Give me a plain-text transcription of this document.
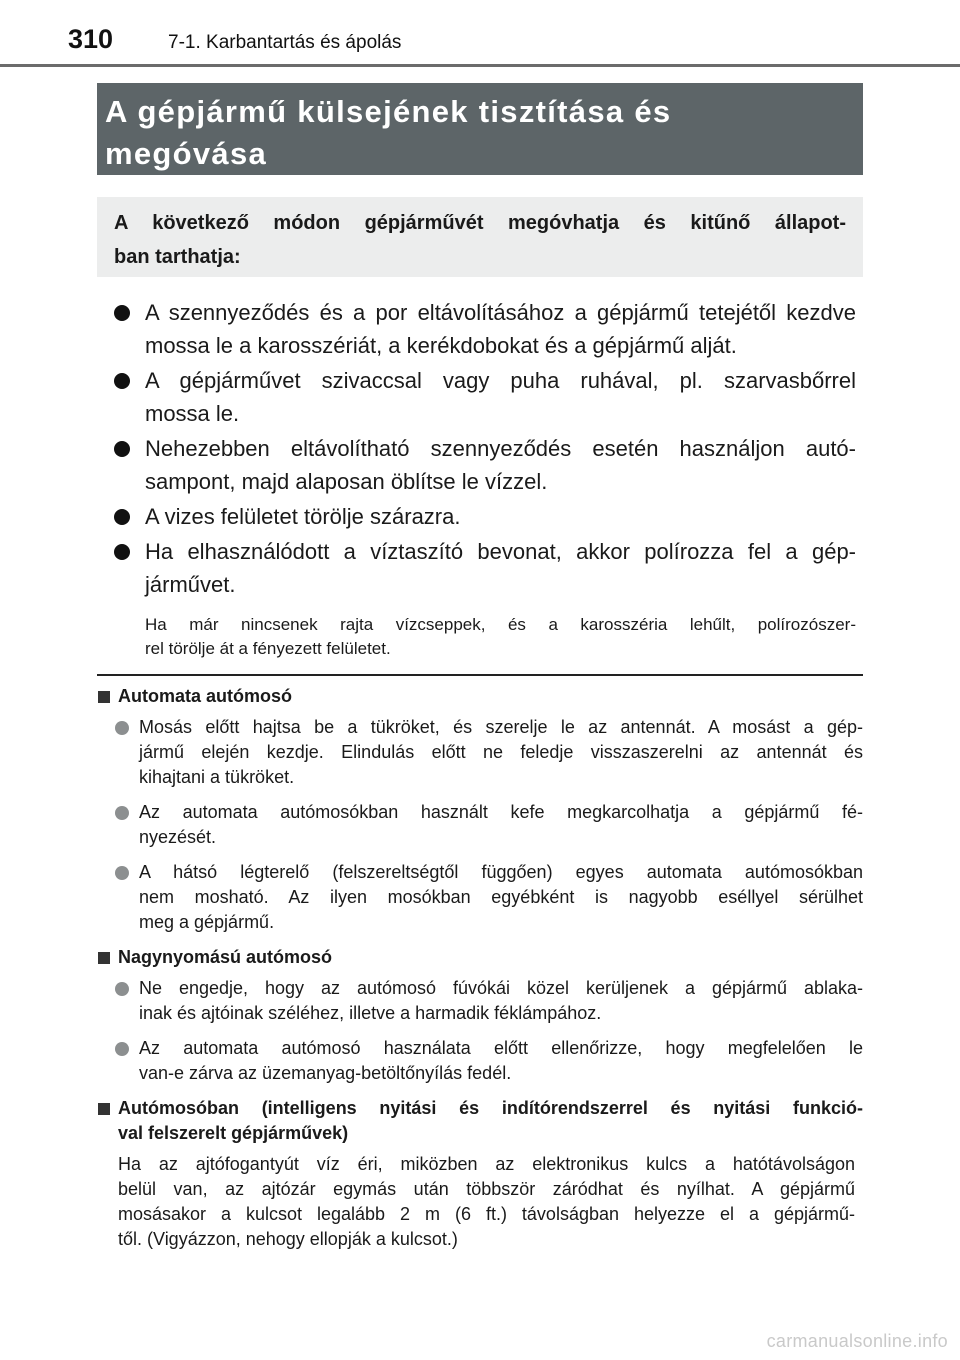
310	7-1. Karbantartás és ápolás
A gépjármű külsejének tisztítása és
megóvása
A következő módon gépjárművét megóvhatja és kitűnő állapot-
ban tarthatja:
A szennyeződés és a por eltávolításához a gépjármű tetejétől kezdve
mossa le a karosszériát, a kerékdobokat és a gépjármű alját.
A gépjárművet szivaccsal vagy puha ruhával, pl. szarvasbőrrel
mossa le.
Nehezebben eltávolítható szennyeződés esetén használjon autó-
sampont, majd alaposan öblítse le vízzel.
A vizes felületet törölje szárazra.
Ha elhasználódott a víztaszító bevonat, akkor polírozza fel a gép-
járművet.
Ha már nincsenek rajta vízcseppek, és a karosszéria lehűlt, polírozószer-
rel törölje át a fényezett felületet.
Automata autómosó
Mosás előtt hajtsa be a tükröket, és szerelje le az antennát. A mosást a gép-
jármű elején kezdje. Elindulás előtt ne feledje visszaszerelni az antennát és
kihajtani a tükröket.
Az automata autómosókban használt kefe megkarcolhatja a gépjármű fé-
nyezését.
A hátsó légterelő (felszereltségtől függően) egyes automata autómosókban
nem mosható. Az ilyen mosókban egyébként is nagyobb eséllyel sérülhet
meg a gépjármű.
Nagynyomású autómosó
Ne engedje, hogy az autómosó fúvókái közel kerüljenek a gépjármű ablaka-
inak és ajtóinak széléhez, illetve a harmadik féklámpához.
Az automata autómosó használata előtt ellenőrizze, hogy megfelelően le
van-e zárva az üzemanyag-betöltőnyílás fedél.
Autómosóban (intelligens nyitási és indítórendszerrel és nyitási funkció-
val felszerelt gépjárművek)
Ha az ajtófogantyút víz éri, miközben az elektronikus kulcs a hatótávolságon
belül van, az ajtózár egymás után többször záródhat és nyílhat. A gépjármű
mosásakor a kulcsot legalább 2 m (6 ft.) távolságban helyezze el a gépjármű-
től. (Vigyázzon, nehogy ellopják a kulcsot.)
carmanualsonline.info
